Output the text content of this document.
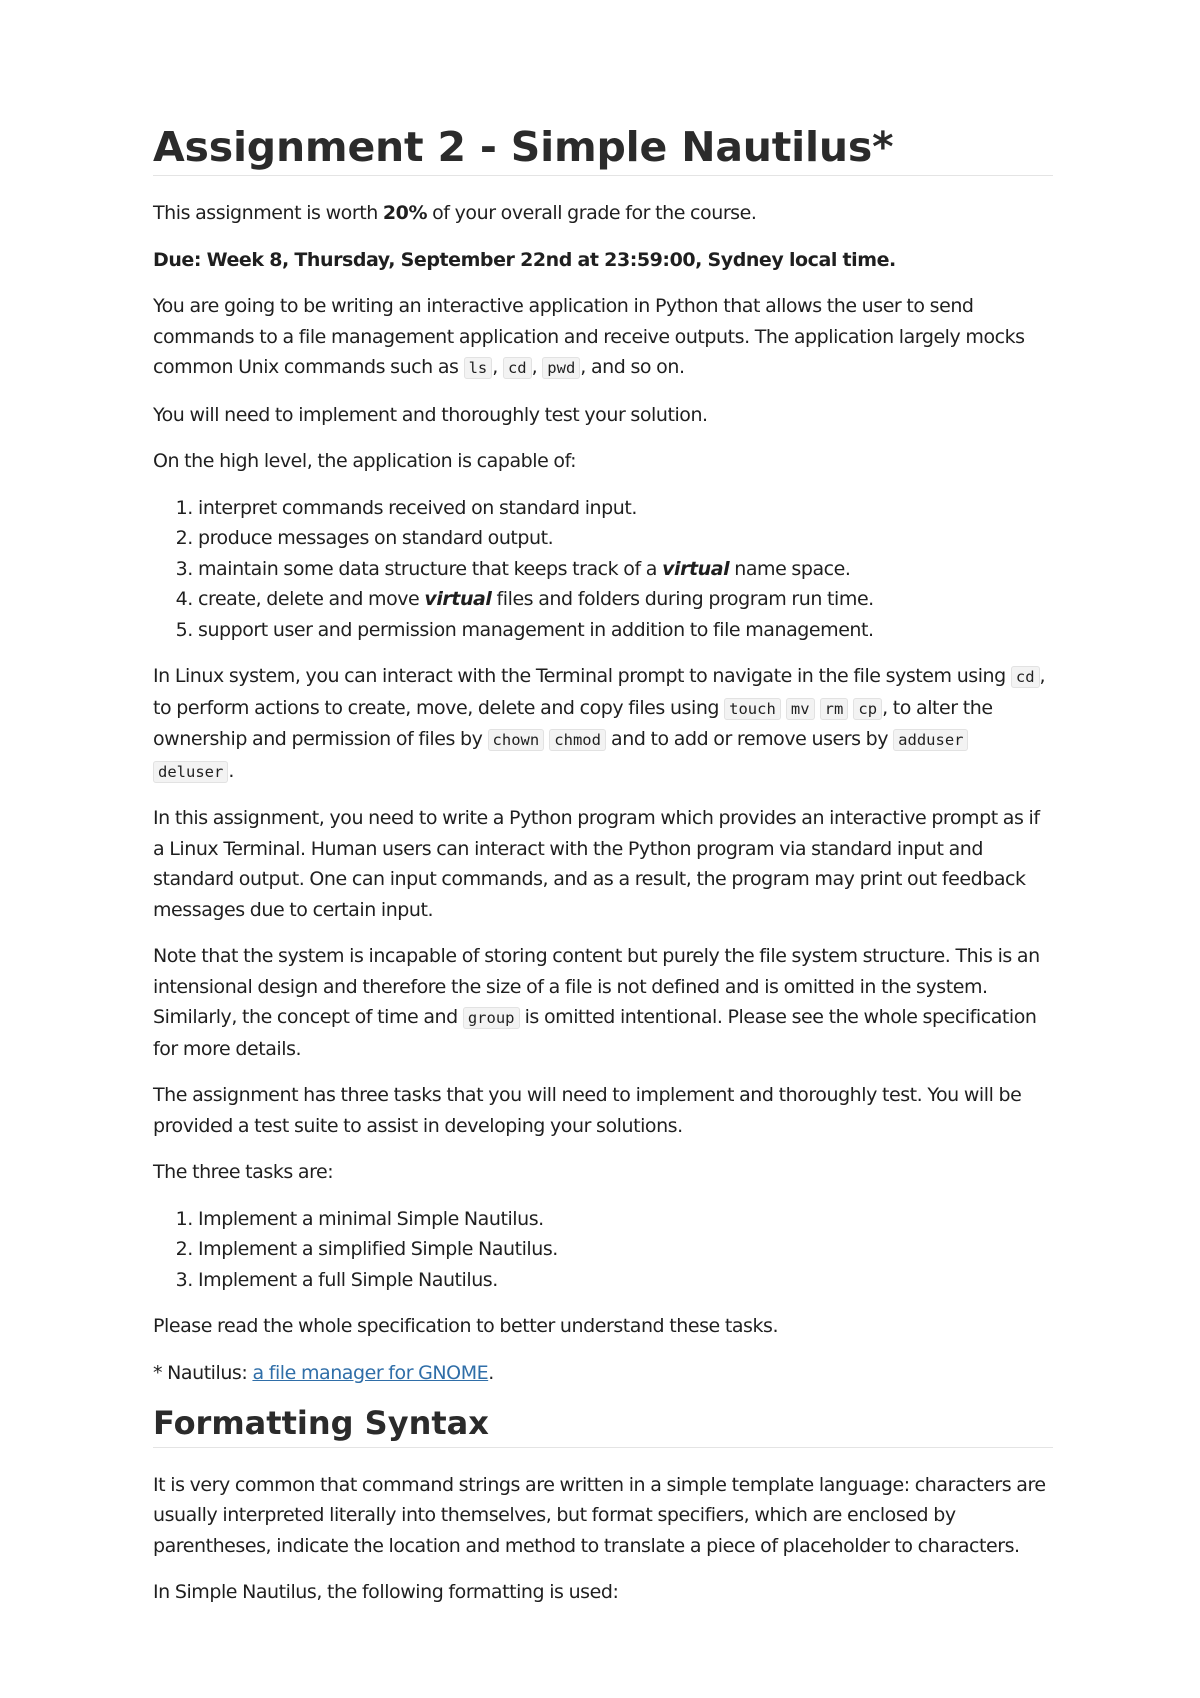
Assignment 2 - Simple Nautilus*

This assignment is worth 20% of your overall grade for the course.

Due: Week 8, Thursday, September 22nd at 23:59:00, Sydney local time.

You are going to be writing an interactive application in Python that allows the user to send commands to a file management application and receive outputs. The application largely mocks common Unix commands such as ls , cd , pwd , and so on.

You will need to implement and thoroughly test your solution.

On the high level, the application is capable of:

1. interpret commands received on standard input.
2. produce messages on standard output.
3. maintain some data structure that keeps track of a virtual name space.
4. create, delete and move virtual files and folders during program run time.
5. support user and permission management in addition to file management.

In Linux system, you can interact with the Terminal prompt to navigate in the file system using cd , to perform actions to create, move, delete and copy files using touch mv rm cp , to alter the ownership and permission of files by chown chmod and to add or remove users by adduser deluser .

In this assignment, you need to write a Python program which provides an interactive prompt as if a Linux Terminal. Human users can interact with the Python program via standard input and standard output. One can input commands, and as a result, the program may print out feedback messages due to certain input.

Note that the system is incapable of storing content but purely the file system structure. This is an intensional design and therefore the size of a file is not defined and is omitted in the system. Similarly, the concept of time and group is omitted intentional. Please see the whole specification for more details.

The assignment has three tasks that you will need to implement and thoroughly test. You will be provided a test suite to assist in developing your solutions.

The three tasks are:

1. Implement a minimal Simple Nautilus.
2. Implement a simplified Simple Nautilus.
3. Implement a full Simple Nautilus.

Please read the whole specification to better understand these tasks.

* Nautilus: a file manager for GNOME.

Formatting Syntax

It is very common that command strings are written in a simple template language: characters are usually interpreted literally into themselves, but format specifiers, which are enclosed by parentheses, indicate the location and method to translate a piece of placeholder to characters.

In Simple Nautilus, the following formatting is used:
